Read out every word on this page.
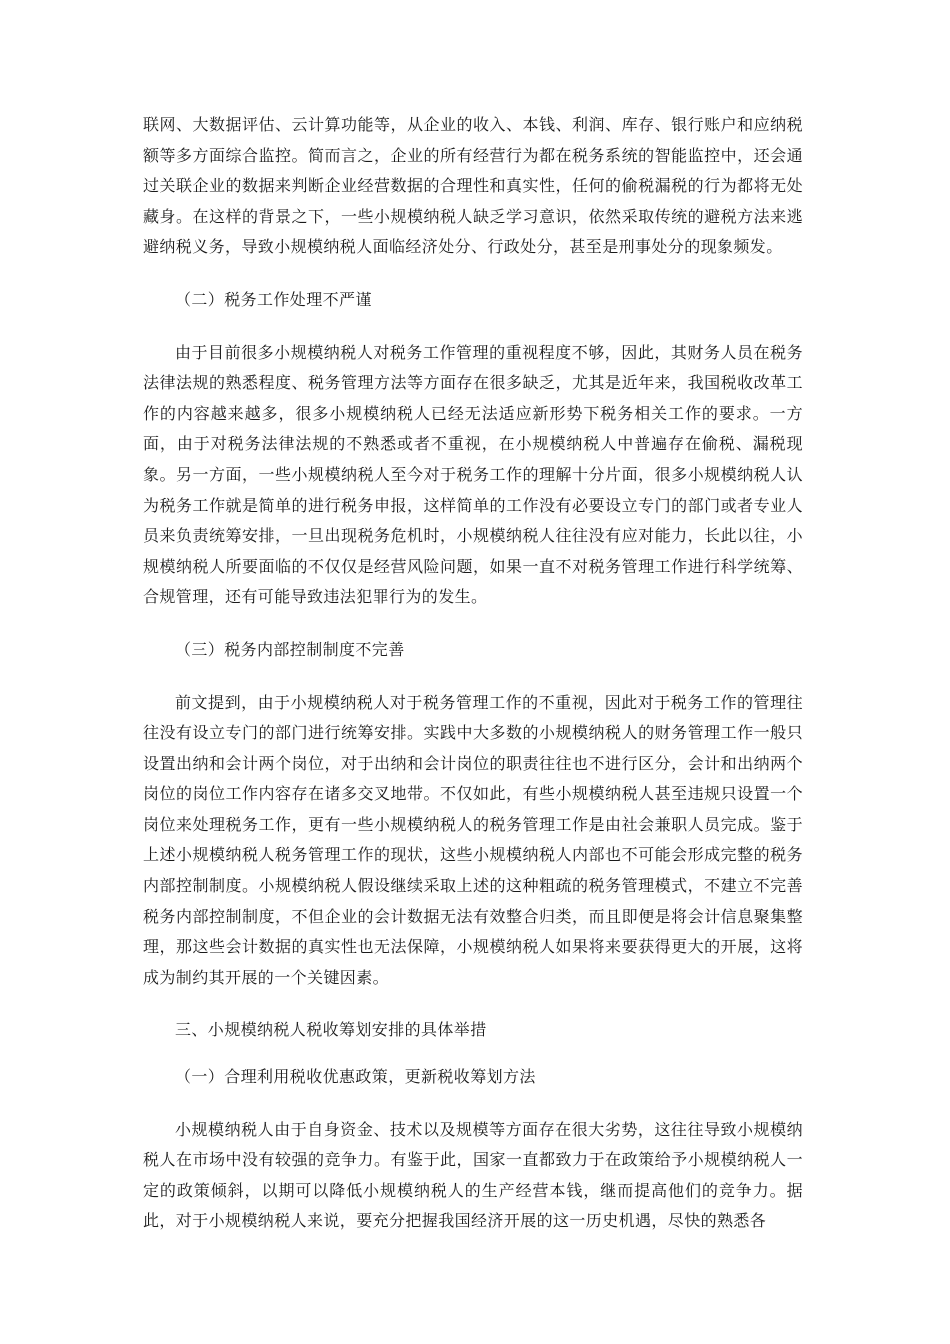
联网、大数据评估、云计算功能等，从企业的收入、本钱、利润、库存、银行账户和应纳税额等多方面综合监控。简而言之，企业的所有经营行为都在税务系统的智能监控中，还会通过关联企业的数据来判断企业经营数据的合理性和真实性，任何的偷税漏税的行为都将无处藏身。在这样的背景之下，一些小规模纳税人缺乏学习意识，依然采取传统的避税方法来逃避纳税义务，导致小规模纳税人面临经济处分、行政处分，甚至是刑事处分的现象频发。

（二）税务工作处理不严谨

由于目前很多小规模纳税人对税务工作管理的重视程度不够，因此，其财务人员在税务法律法规的熟悉程度、税务管理方法等方面存在很多缺乏，尤其是近年来，我国税收改革工作的内容越来越多，很多小规模纳税人已经无法适应新形势下税务相关工作的要求。一方面，由于对税务法律法规的不熟悉或者不重视，在小规模纳税人中普遍存在偷税、漏税现象。另一方面，一些小规模纳税人至今对于税务工作的理解十分片面，很多小规模纳税人认为税务工作就是简单的进行税务申报，这样简单的工作没有必要设立专门的部门或者专业人员来负责统筹安排，一旦出现税务危机时，小规模纳税人往往没有应对能力，长此以往，小规模纳税人所要面临的不仅仅是经营风险问题，如果一直不对税务管理工作进行科学统筹、合规管理，还有可能导致违法犯罪行为的发生。

（三）税务内部控制制度不完善

前文提到，由于小规模纳税人对于税务管理工作的不重视，因此对于税务工作的管理往往没有设立专门的部门进行统筹安排。实践中大多数的小规模纳税人的财务管理工作一般只设置出纳和会计两个岗位，对于出纳和会计岗位的职责往往也不进行区分，会计和出纳两个岗位的岗位工作内容存在诸多交叉地带。不仅如此，有些小规模纳税人甚至违规只设置一个岗位来处理税务工作，更有一些小规模纳税人的税务管理工作是由社会兼职人员完成。鉴于上述小规模纳税人税务管理工作的现状，这些小规模纳税人内部也不可能会形成完整的税务内部控制制度。小规模纳税人假设继续采取上述的这种粗疏的税务管理模式，不建立不完善税务内部控制制度，不但企业的会计数据无法有效整合归类，而且即便是将会计信息聚集整理，那这些会计数据的真实性也无法保障，小规模纳税人如果将来要获得更大的开展，这将成为制约其开展的一个关键因素。

三、小规模纳税人税收筹划安排的具体举措

（一）合理利用税收优惠政策，更新税收筹划方法

小规模纳税人由于自身资金、技术以及规模等方面存在很大劣势，这往往导致小规模纳税人在市场中没有较强的竞争力。有鉴于此，国家一直都致力于在政策给予小规模纳税人一定的政策倾斜，以期可以降低小规模纳税人的生产经营本钱，继而提高他们的竞争力。据此，对于小规模纳税人来说，要充分把握我国经济开展的这一历史机遇，尽快的熟悉各
